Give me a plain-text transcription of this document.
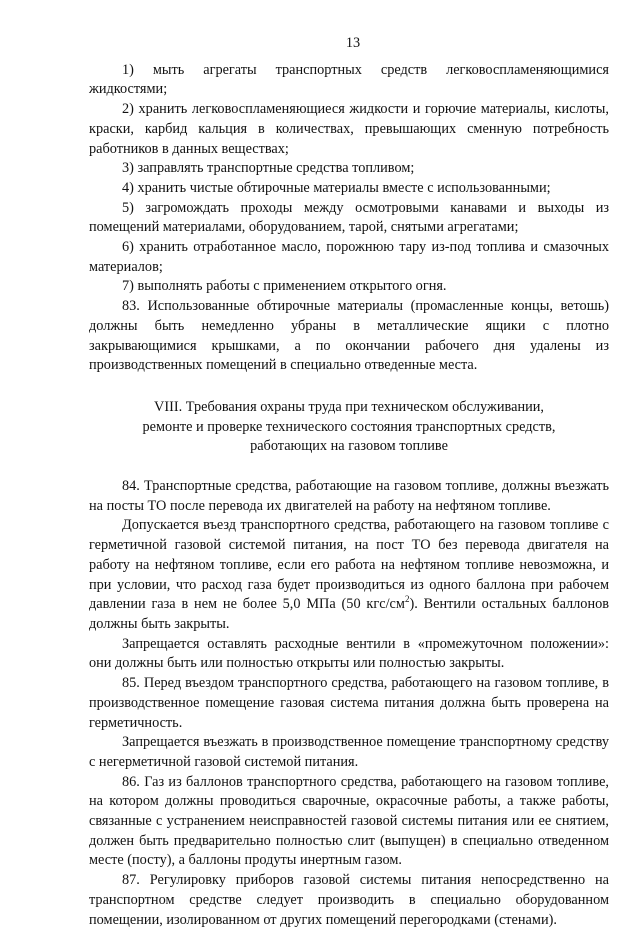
13

1) мыть агрегаты транспортных средств легковоспламеняющимися жидкостями;

2) хранить легковоспламеняющиеся жидкости и горючие материалы, кислоты, краски, карбид кальция в количествах, превышающих сменную потребность работников в данных веществах;

3) заправлять транспортные средства топливом;

4) хранить чистые обтирочные материалы вместе с использованными;

5) загромождать проходы между осмотровыми канавами и выходы из помещений материалами, оборудованием, тарой, снятыми агрегатами;

6) хранить отработанное масло, порожнюю тару из-под топлива и смазочных материалов;

7) выполнять работы с применением открытого огня.

83. Использованные обтирочные материалы (промасленные концы, ветошь) должны быть немедленно убраны в металлические ящики с плотно закрывающимися крышками, а по окончании рабочего дня удалены из производственных помещений в специально отведенные места.

VIII. Требования охраны труда при техническом обслуживании,
ремонте и проверке технического состояния транспортных средств,
работающих на газовом топливе

84. Транспортные средства, работающие на газовом топливе, должны въезжать на посты ТО после перевода их двигателей на работу на нефтяном топливе.

Допускается въезд транспортного средства, работающего на газовом топливе с герметичной газовой системой питания, на пост ТО без перевода двигателя на работу на нефтяном топливе, если его работа на нефтяном топливе невозможна, и при условии, что расход газа будет производиться из одного баллона при рабочем давлении газа в нем не более 5,0 МПа (50 кгс/$см^2$). Вентили остальных баллонов должны быть закрыты.

Запрещается оставлять расходные вентили в «промежуточном положении»: они должны быть или полностью открыты или полностью закрыты.

85. Перед въездом транспортного средства, работающего на газовом топливе, в производственное помещение газовая система питания должна быть проверена на герметичность.

Запрещается въезжать в производственное помещение транспортному средству с негерметичной газовой системой питания.

86. Газ из баллонов транспортного средства, работающего на газовом топливе, на котором должны проводиться сварочные, окрасочные работы, а также работы, связанные с устранением неисправностей газовой системы питания или ее снятием, должен быть предварительно полностью слит (выпущен) в специально отведенном месте (посту), а баллоны продуты инертным газом.

87. Регулировку приборов газовой системы питания непосредственно на транспортном средстве следует производить в специально оборудованном помещении, изолированном от других помещений перегородками (стенами).
